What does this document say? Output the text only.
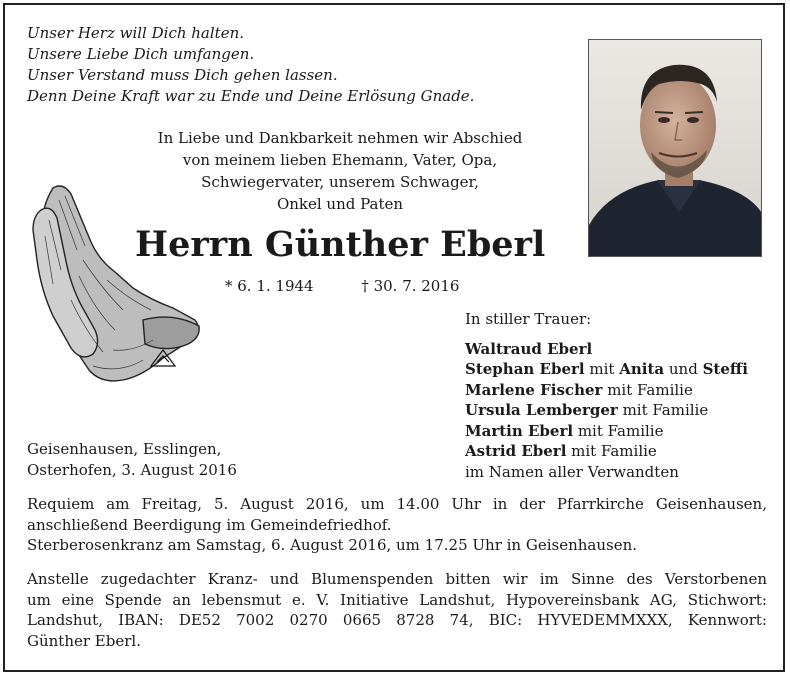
Unser Herz will Dich halten.
Unsere Liebe Dich umfangen.
Unser Verstand muss Dich gehen lassen.
Denn Deine Kraft war zu Ende und Deine Erlösung Gnade.
In Liebe und Dankbarkeit nehmen wir Abschied
von meinem lieben Ehemann, Vater, Opa,
Schwiegervater, unserem Schwager,
Onkel und Paten
Herrn Günther Eberl
* 6. 1. 1944	† 30. 7. 2016
In stiller Trauer:
Waltraud Eberl
Stephan Eberl mit Anita und Steffi
Marlene Fischer mit Familie
Ursula Lemberger mit Familie
Martin Eberl mit Familie
Astrid Eberl mit Familie
im Namen aller Verwandten
Geisenhausen, Esslingen,
Osterhofen, 3. August 2016
Requiem am Freitag, 5. August 2016, um 14.00 Uhr in der Pfarrkirche Geisenhausen,
anschließend Beerdigung im Gemeindefriedhof.
Sterberosenkranz am Samstag, 6. August 2016, um 17.25 Uhr in Geisenhausen.
Anstelle zugedachter Kranz- und Blumenspenden bitten wir im Sinne des Verstorbenen
um eine Spende an lebensmut e. V. Initiative Landshut, Hypovereinsbank AG, Stichwort:
Landshut, IBAN: DE52 7002 0270 0665 8728 74, BIC: HYVEDEMMXXX, Kennwort:
Günther Eberl.
